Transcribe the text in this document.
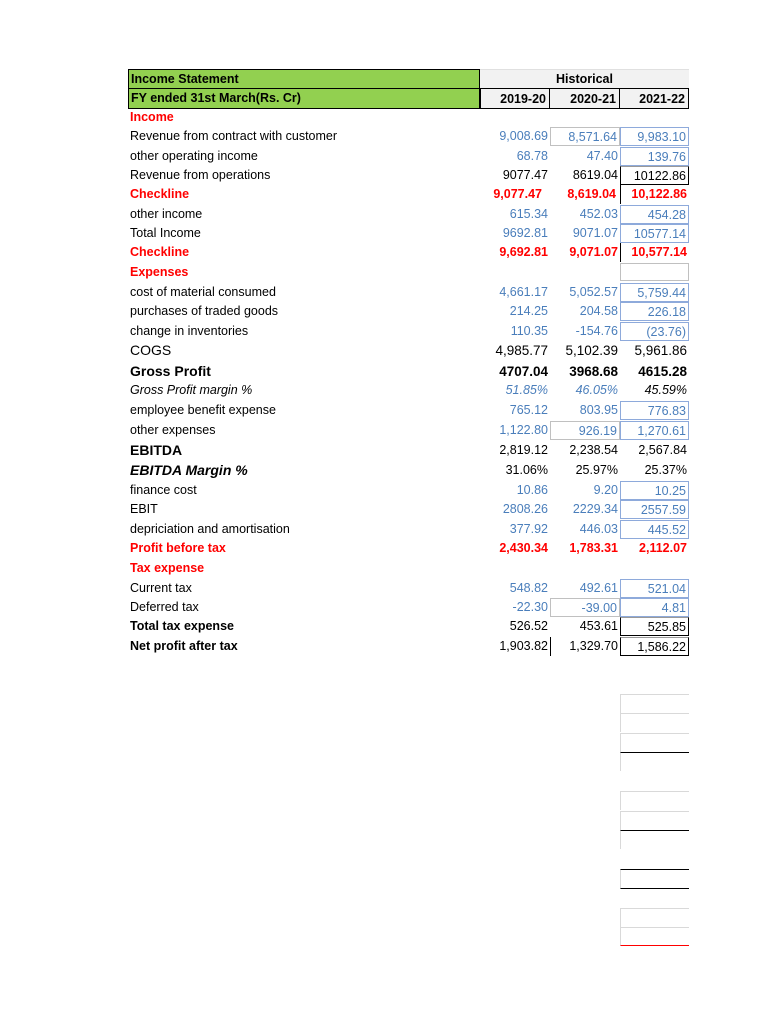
Income Statement	Historical
FY ended 31st March(Rs. Cr)	2019-20	2020-21	2021-22
Income
Revenue from contract with customer	9,008.69	8,571.64	9,983.10
other operating income	68.78	47.40	139.76
Revenue from operations	9077.47	8619.04	10122.86
Checkline	9,077.47	8,619.04	10,122.86
other income	615.34	452.03	454.28
Total Income	9692.81	9071.07	10577.14
Checkline	9,692.81	9,071.07	10,577.14
Expenses
cost of material consumed	4,661.17	5,052.57	5,759.44
purchases of traded goods	214.25	204.58	226.18
change in inventories	110.35	-154.76	(23.76)
COGS	4,985.77	5,102.39	5,961.86
Gross Profit	4707.04	3968.68	4615.28
Gross Profit margin %	51.85%	46.05%	45.59%
employee benefit expense	765.12	803.95	776.83
other expenses	1,122.80	926.19	1,270.61
EBITDA	2,819.12	2,238.54	2,567.84
EBITDA Margin %	31.06%	25.97%	25.37%
finance cost	10.86	9.20	10.25
EBIT	2808.26	2229.34	2557.59
depriciation and amortisation	377.92	446.03	445.52
Profit before tax	2,430.34	1,783.31	2,112.07
Tax expense
Current tax	548.82	492.61	521.04
Deferred tax	-22.30	-39.00	4.81
Total tax expense	526.52	453.61	525.85
Net profit after tax	1,903.82	1,329.70	1,586.22
